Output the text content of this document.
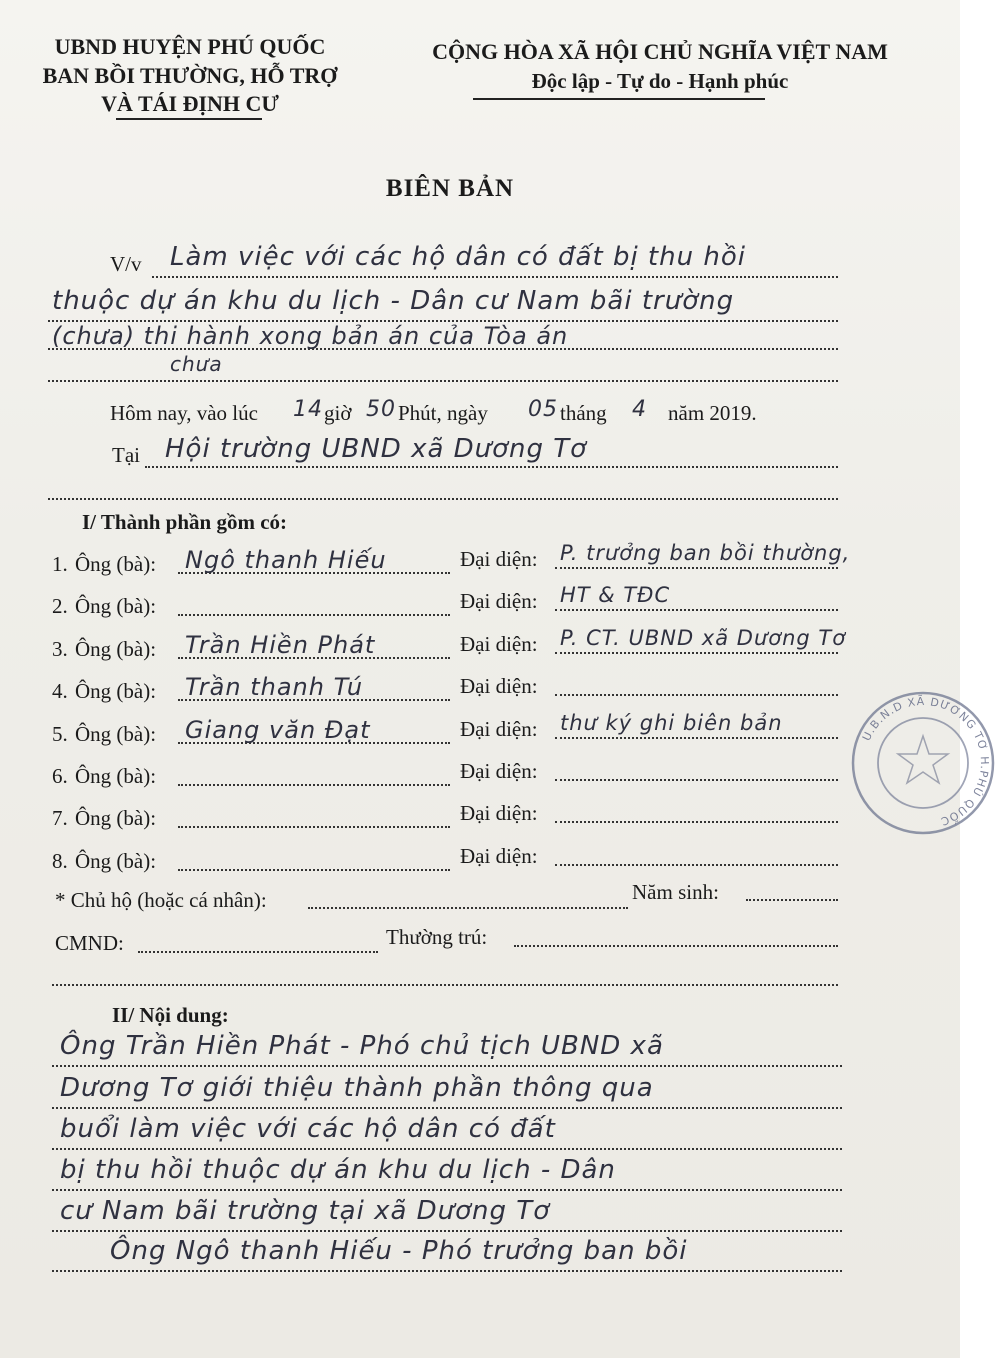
UBND HUYỆN PHÚ QUỐC
BAN BỒI THƯỜNG, HỖ TRỢ
VÀ TÁI ĐỊNH CƯ
CỘNG HÒA XÃ HỘI CHỦ NGHĨA VIỆT NAM
Độc lập - Tự do - Hạnh phúc
BIÊN BẢN
V/v Làm việc với các hộ dân có đất bị thu hồi
thuộc dự án khu du lịch - Dân cư Nam bãi trường
(chưa) thi hành xong bản án của Tòa án
chưa
Hôm nay, vào lúc 14 giờ 50 Phút, ngày 05 tháng 4 năm 2019.
Tại Hội trường UBND xã Dương Tơ
I/ Thành phần gồm có:
1. Ông (bà): Ngô thanh Hiếu	Đại diện: P. trưởng ban bồi thường,
2. Ông (bà):	Đại diện: HT & TĐC
3. Ông (bà): Trần Hiền Phát	Đại diện: P. CT. UBND xã Dương Tơ
4. Ông (bà): Trần thanh Tú	Đại diện:
5. Ông (bà): Giang văn Đạt	Đại diện: thư ký ghi biên bản
6. Ông (bà):	Đại diện:
7. Ông (bà):	Đại diện:
8. Ông (bà):	Đại diện:
* Chủ hộ (hoặc cá nhân):	Năm sinh:
CMND:	Thường trú:
II/ Nội dung:
Ông Trần Hiền Phát - Phó chủ tịch UBND xã
Dương Tơ giới thiệu thành phần thông qua
buổi làm việc với các hộ dân có đất
bị thu hồi thuộc dự án khu du lịch - Dân
cư Nam bãi trường tại xã Dương Tơ
Ông Ngô thanh Hiếu - Phó trưởng ban bồi
U.B.N.D XÃ DƯƠNG TƠ H.PHÚ QUỐC
